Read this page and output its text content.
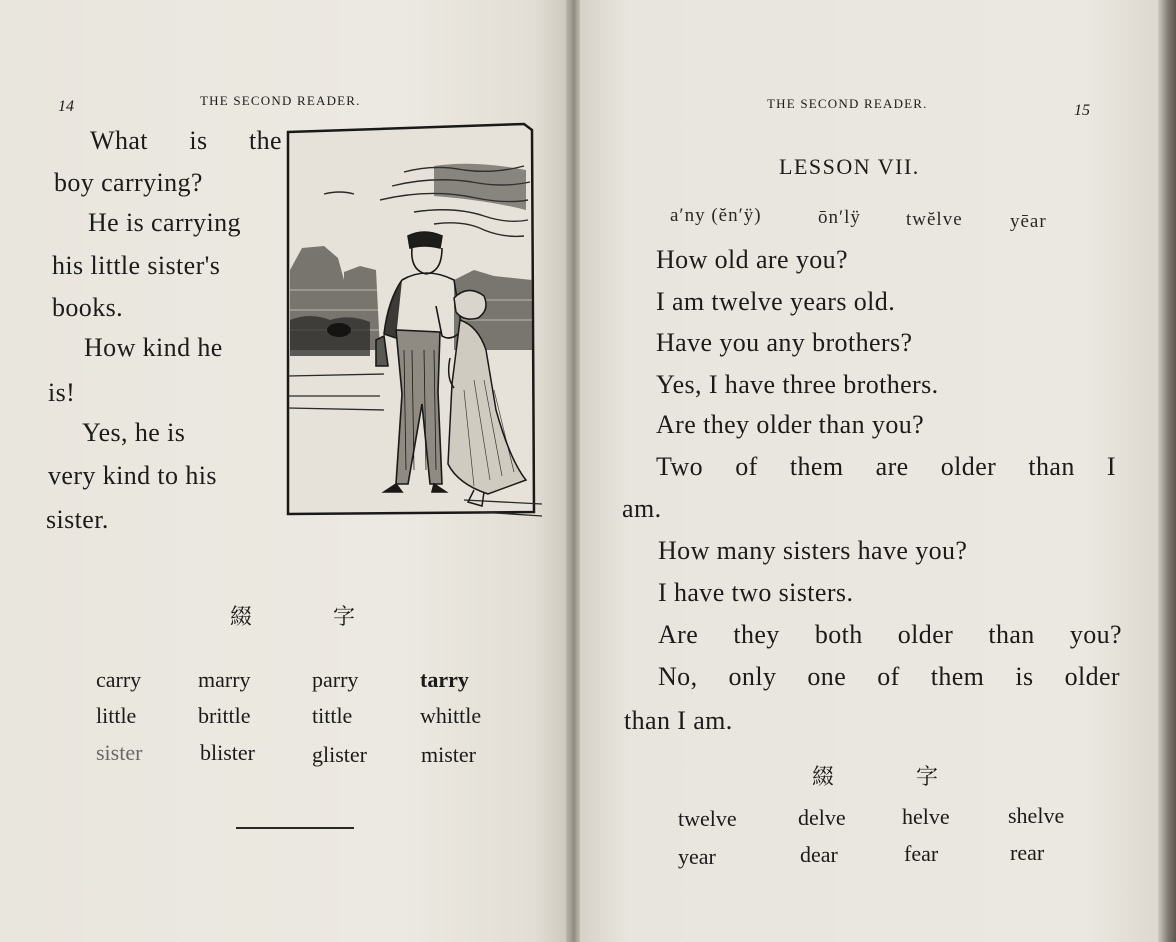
14	THE SECOND READER.
What is the
boy carrying?
He is carrying
his little sister's
books.
How kind he
is!
Yes, he is
very kind to his
sister.
綴	字
carry	marry	parry	tarry
little	brittle	tittle	whittle
sister	blister	glister mister
THE SECOND READER.	15
LESSON VII.
a′ny (ĕn′ÿ)	ōn′lÿ twĕlve yēar
How old are you?
I am twelve years old.
Have you any brothers?
Yes, I have three brothers.
Are they older than you?
Two of them are older than I
am.
How many sisters have you?
I have two sisters.
Are they both older than you?
No, only one of them is older
than I am.
綴	字
twelve	delve	helve	shelve
year	dear	fear	rear
